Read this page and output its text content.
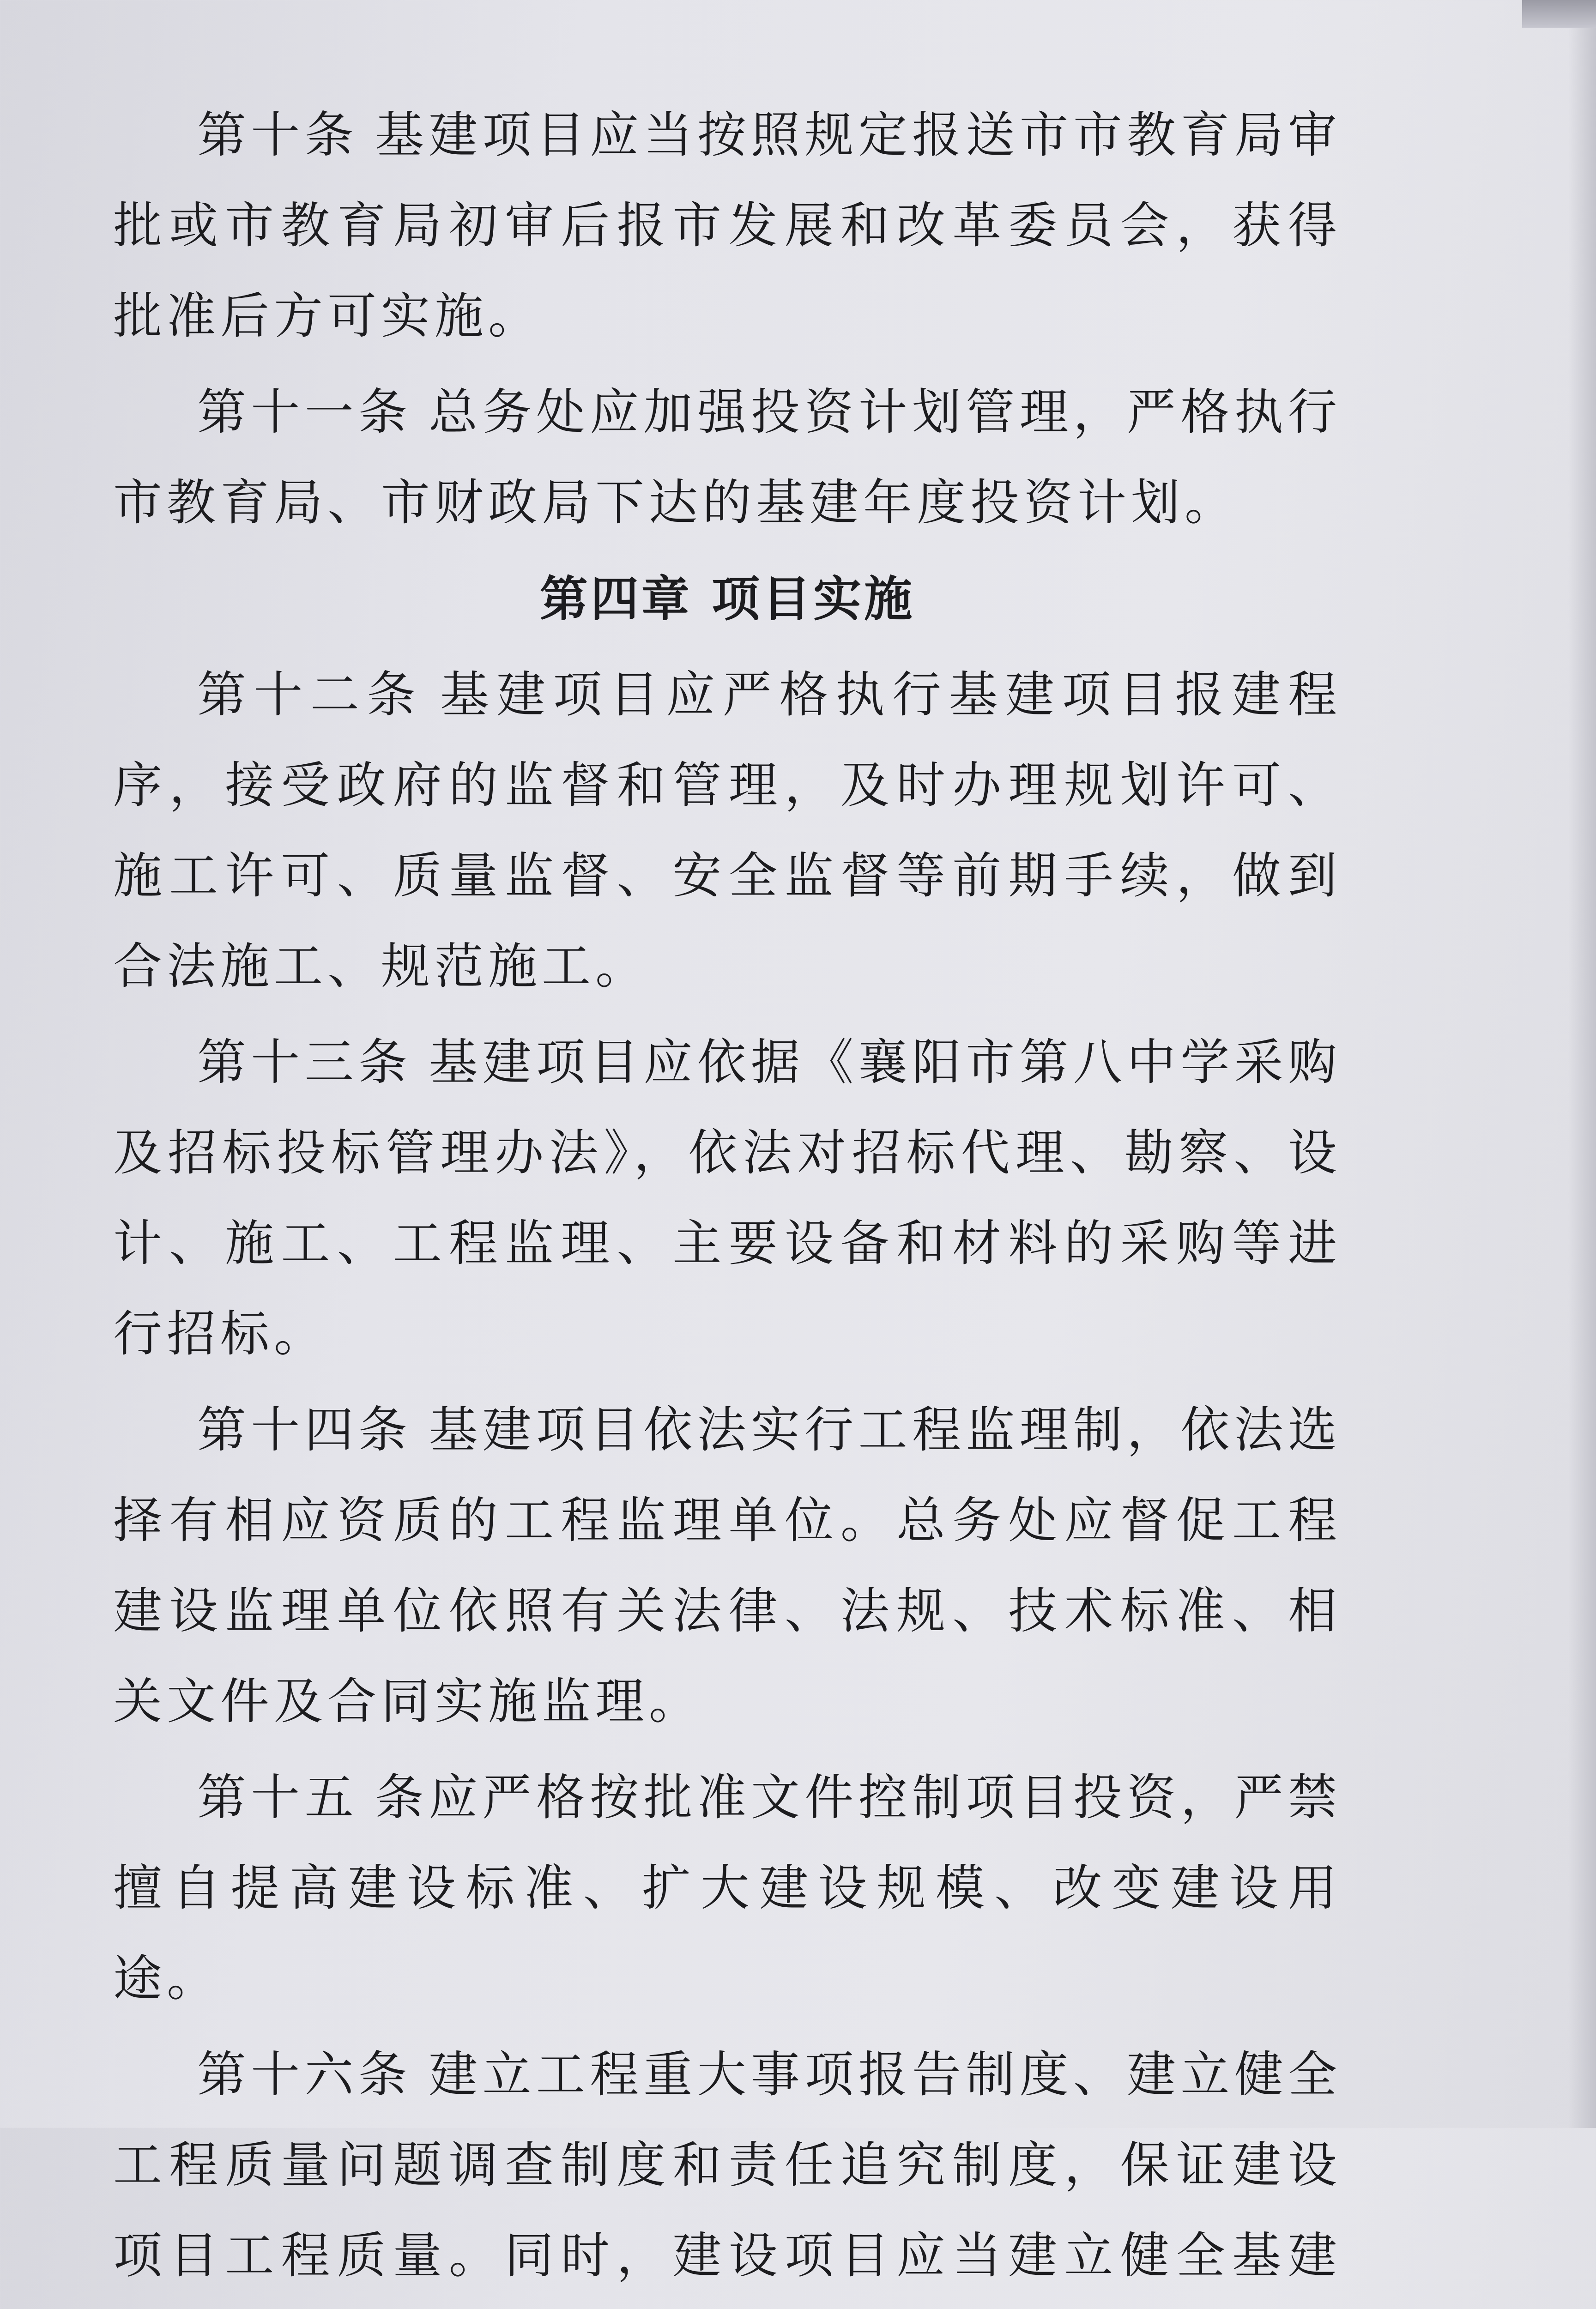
第十条 基建项目应当按照规定报送市市教育局审批或市教育局初审后报市发展和改革委员会，获得批准后方可实施。

第十一条 总务处应加强投资计划管理，严格执行市教育局、市财政局下达的基建年度投资计划。

第四章 项目实施

第十二条 基建项目应严格执行基建项目报建程序，接受政府的监督和管理，及时办理规划许可、施工许可、质量监督、安全监督等前期手续，做到合法施工、规范施工。

第十三条 基建项目应依据《襄阳市第八中学采购及招标投标管理办法》，依法对招标代理、勘察、设计、施工、工程监理、主要设备和材料的采购等进行招标。

第十四条 基建项目依法实行工程监理制，依法选择有相应资质的工程监理单位。总务处应督促工程建设监理单位依照有关法律、法规、技术标准、相关文件及合同实施监理。

第十五 条应严格按批准文件控制项目投资，严禁擅自提高建设标准、扩大建设规模、改变建设用途。

第十六条 建立工程重大事项报告制度、建立健全工程质量问题调查制度和责任追究制度，保证建设项目工程质量。同时，建设项目应当建立健全基建
